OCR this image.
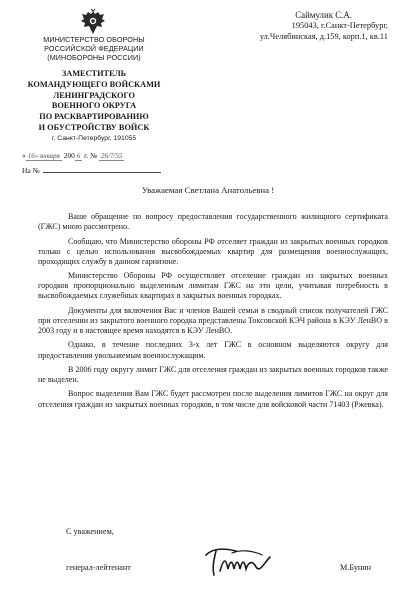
МИНИСТЕРСТВО ОБОРОНЫ
РОССИЙСКОЙ ФЕДЕРАЦИИ
(МИНОБОРОНЫ РОССИИ)
ЗАМЕСТИТЕЛЬ
КОМАНДУЮЩЕГО ВОЙСКАМИ
ЛЕНИНГРАДСКОГО
ВОЕННОГО ОКРУГА
ПО РАСКВАРТИРОВАНИЮ
И ОБУСТРОЙСТВУ ВОЙСК
г. Санкт-Петербург, 191055
« 16» января 200 6 г. № 26/7/55
На №
Саймулик С.А.
195043, г.Санкт-Петербург,
ул.Челябинская, д.159, корп.1, кв.11
Уважаемая Светлана Анатольевна !

Ваше обращение по вопросу предоставления государственного жилищного сертификата (ГЖС) мною рассмотрено.

Сообщаю, что Министерство обороны РФ отселяет граждан из закрытых военных городков только с целью использования высвобождаемых квартир для размещения военнослужащих, проходящих службу в данном гарнизоне.

Министерство Обороны РФ осуществляет отселение граждан из закрытых военных городков пропорционально выделенным лимитам ГЖС на эти цели, учитывая потребность в высвобождаемых служебных квартирах в закрытых военных городках.

Документы для включения Вас и членов Вашей семьи в сводный список получателей ГЖС при отселении из закрытого военного городка представлены Токсовской КЭЧ района в КЭУ ЛенВО в 2003 году и в настоящее время находятся в КЭУ ЛенВО.

Однако, в течение последних 3-х лет ГЖС в основном выделяются округу для предоставления увольняемым военнослужащим.

В 2006 году округу лимит ГЖС для отселения граждан из закрытых военных городков также не выделен.

Вопрос выделения Вам ГЖС будет рассмотрен после выделения лимитов ГЖС на округ для отселения граждан из закрытых военных городков, в том числе для войсковой части 71403 (Ржевка).

С уважением,
генерал-лейтенант	М.Бунин
